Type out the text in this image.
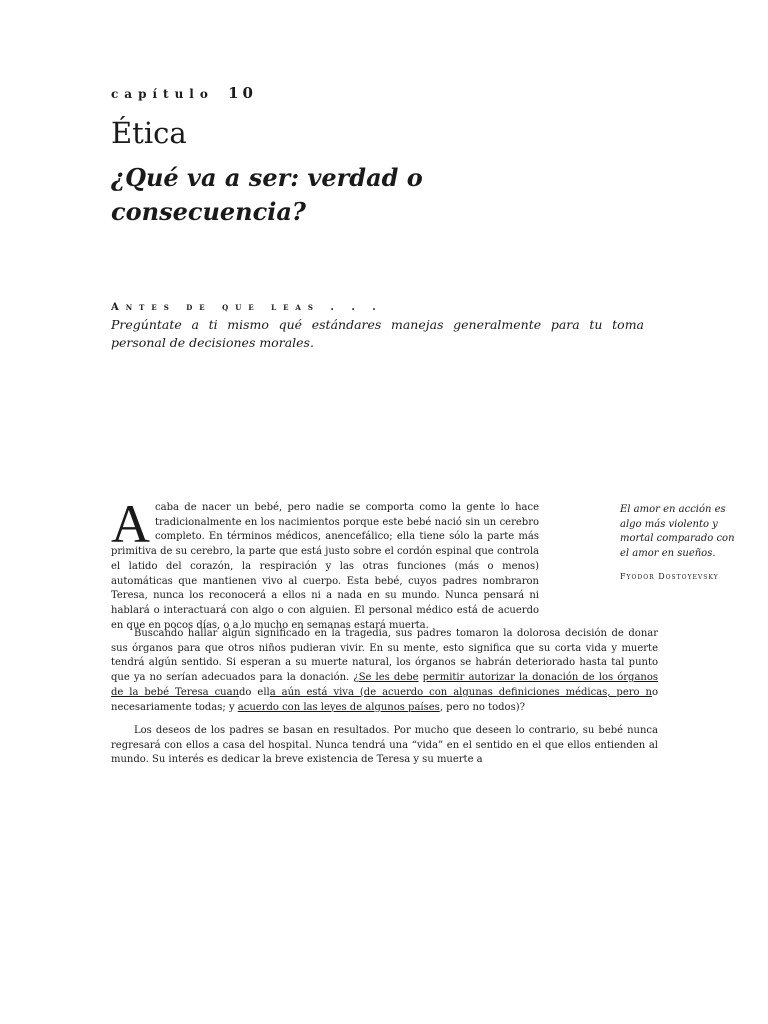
capítulo 10
Ética
¿Qué va a ser: verdad o consecuencia?
Antes de que leas . . .
Pregúntate a ti mismo qué estándares manejas generalmente para tu toma personal de decisiones morales.
Acaba de nacer un bebé, pero nadie se comporta como la gente lo hace tradicionalmente en los nacimientos porque este bebé nació sin un cerebro completo. En términos médicos, anencefálico; ella tiene sólo la parte más primitiva de su cerebro, la parte que está justo sobre el cordón espinal que controla el latido del corazón, la respiración y las otras funciones (más o menos) automáticas que mantienen vivo al cuerpo. Esta bebé, cuyos padres nombraron Teresa, nunca los reconocerá a ellos ni a nada en su mundo. Nunca pensará ni hablará o interactuará con algo o con alguien. El personal médico está de acuerdo en que en pocos días, o a lo mucho en semanas estará muerta.
El amor en acción es algo más violento y mortal comparado con el amor en sueños.
Fyodor Dostoyevsky

Buscando hallar algún significado en la tragedia, sus padres tomaron la dolorosa decisión de donar sus órganos para que otros niños pudieran vivir. En su mente, esto significa que su corta vida y muerte tendrá algún sentido. Si esperan a su muerte natural, los órganos se habrán deteriorado hasta tal punto que ya no serían adecuados para la donación. ¿Se les debe permitir autorizar la donación de los órganos de la bebé Teresa cuando ella aún está viva (de acuerdo con algunas definiciones médicas, pero no necesariamente todas; y acuerdo con las leyes de algunos países, pero no todos)?

Los deseos de los padres se basan en resultados. Por mucho que deseen lo contrario, su bebé nunca regresará con ellos a casa del hospital. Nunca tendrá una “vida” en el sentido en el que ellos entienden al mundo. Su interés es dedicar la breve existencia de Teresa y su muerte a
